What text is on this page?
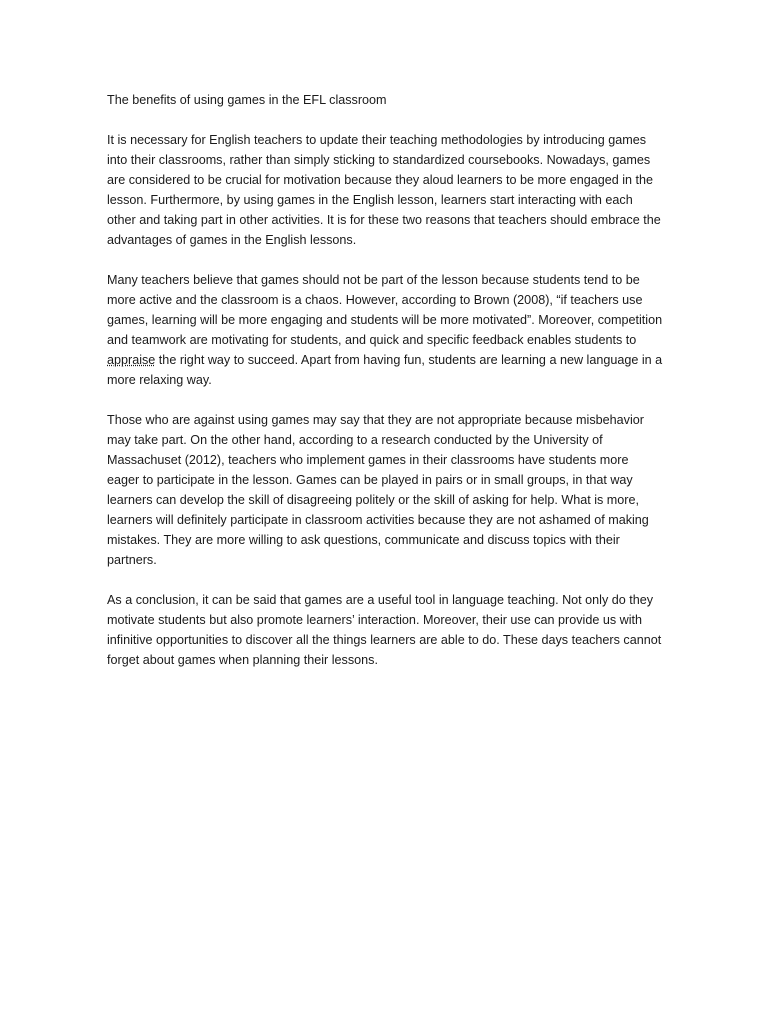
The benefits of using games in the EFL classroom

It is necessary for English teachers to update their teaching methodologies by introducing games into their classrooms, rather than simply sticking to standardized coursebooks. Nowadays, games are considered to be crucial for motivation because they aloud learners to be more engaged in the lesson. Furthermore, by using games in the English lesson, learners start interacting with each other and taking part in other activities. It is for these two reasons that teachers should embrace the advantages of games in the English lessons.

Many teachers believe that games should not be part of the lesson because students tend to be more active and the classroom is a chaos. However, according to Brown (2008), “if teachers use games, learning will be more engaging and students will be more motivated”. Moreover, competition and teamwork are motivating for students, and quick and specific feedback enables students to appraise the right way to succeed. Apart from having fun, students are learning a new language in a more relaxing way.

Those who are against using games may say that they are not appropriate because misbehavior may take part. On the other hand, according to a research conducted by the University of Massachuset (2012), teachers who implement games in their classrooms have students more eager to participate in the lesson. Games can be played in pairs or in small groups, in that way learners can develop the skill of disagreeing politely or the skill of asking for help. What is more, learners will definitely participate in classroom activities because they are not ashamed of making mistakes. They are more willing to ask questions, communicate and discuss topics with their partners.

As a conclusion, it can be said that games are a useful tool in language teaching. Not only do they motivate students but also promote learners’ interaction. Moreover, their use can provide us with infinitive opportunities to discover all the things learners are able to do. These days teachers cannot forget about games when planning their lessons.
